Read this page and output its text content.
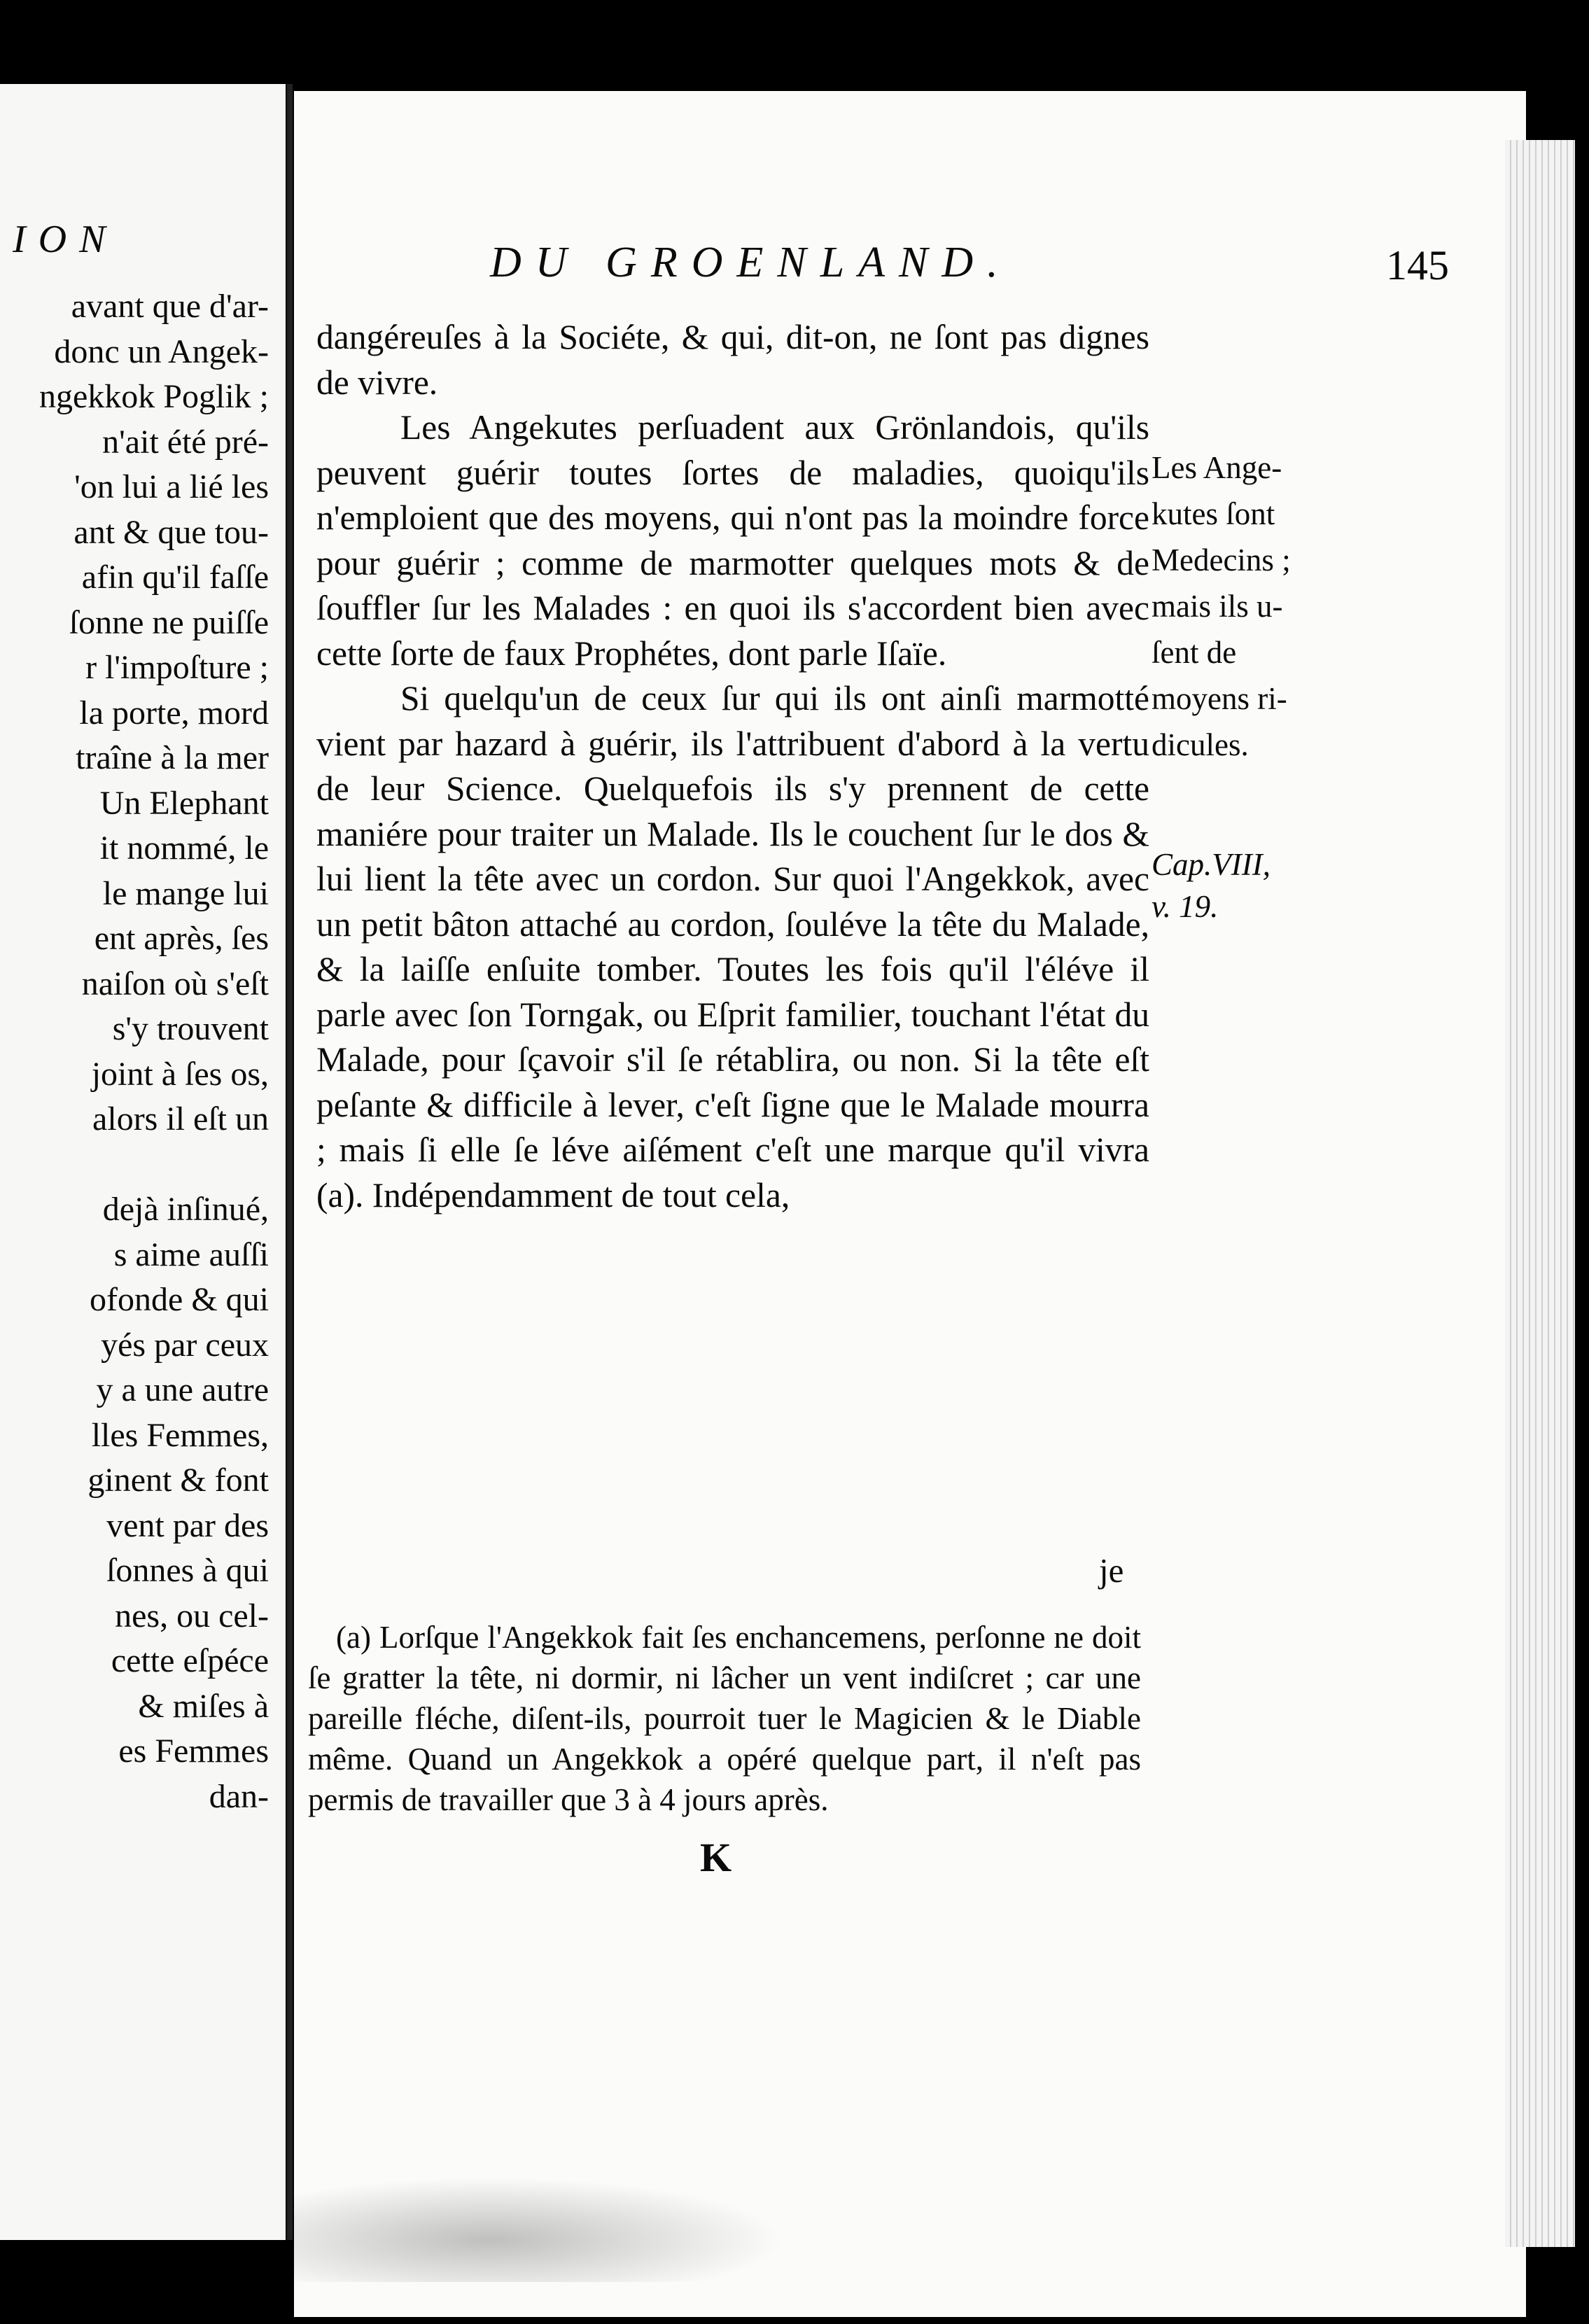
ION
avant que d'ar-
donc un Angek-
ngekkok Poglik ;
n'ait été pré-
'on lui a lié les
ant & que tou-
afin qu'il faſſe
ſonne ne puiſſe
r l'impoſture ;
la porte, mord
traîne à la mer
Un Elephant
it nommé, le
le mange lui
ent après, ſes
naiſon où s'eſt
s'y trouvent
joint à ſes os,
alors il eſt un
dejà inſinué,
s aime auſſi
ofonde & qui
yés par ceux
y a une autre
lles Femmes,
ginent & font
vent par des
ſonnes à qui
nes, ou cel-
cette eſpéce
& miſes à
es Femmes
dan-
DU GROENLAND.	145

dangéreuſes à la Sociéte, & qui, dit-on, ne ſont pas dignes de vivre.

Les Angekutes perſuadent aux Grönlandois, qu'ils peuvent guérir toutes ſortes de maladies, quoiqu'ils n'emploient que des moyens, qui n'ont pas la moindre force pour guérir ; comme de marmotter quelques mots & de ſouffler ſur les Malades : en quoi ils s'accordent bien avec cette ſorte de faux Prophétes, dont parle Iſaïe.

Si quelqu'un de ceux ſur qui ils ont ainſi marmotté vient par hazard à guérir, ils l'attribuent d'abord à la vertu de leur Science. Quelquefois ils s'y prennent de cette maniére pour traiter un Malade. Ils le couchent ſur le dos & lui lient la tête avec un cordon. Sur quoi l'Angekkok, avec un petit bâton attaché au cordon, ſouléve la tête du Malade, & la laiſſe enſuite tomber. Toutes les fois qu'il l'éléve il parle avec ſon Torngak, ou Eſprit familier, touchant l'état du Malade, pour ſçavoir s'il ſe rétablira, ou non. Si la tête eſt peſante & difficile à lever, c'eſt ſigne que le Malade mourra ; mais ſi elle ſe léve aiſément c'eſt une marque qu'il vivra (a). Indépendamment de tout cela,

je

(a) Lorſque l'Angekkok fait ſes enchancemens, perſonne ne doit ſe gratter la tête, ni dormir, ni lâcher un vent indiſcret ; car une pareille fléche, diſent-ils, pourroit tuer le Magicien & le Diable même. Quand un Angekkok a opéré quelque part, il n'eſt pas permis de travailler que 3 à 4 jours après.

K
Les Ange-
kutes ſont
Medecins ;
mais ils u-
ſent de
moyens ri-
dicules.
Cap.VIII,
v. 19.
